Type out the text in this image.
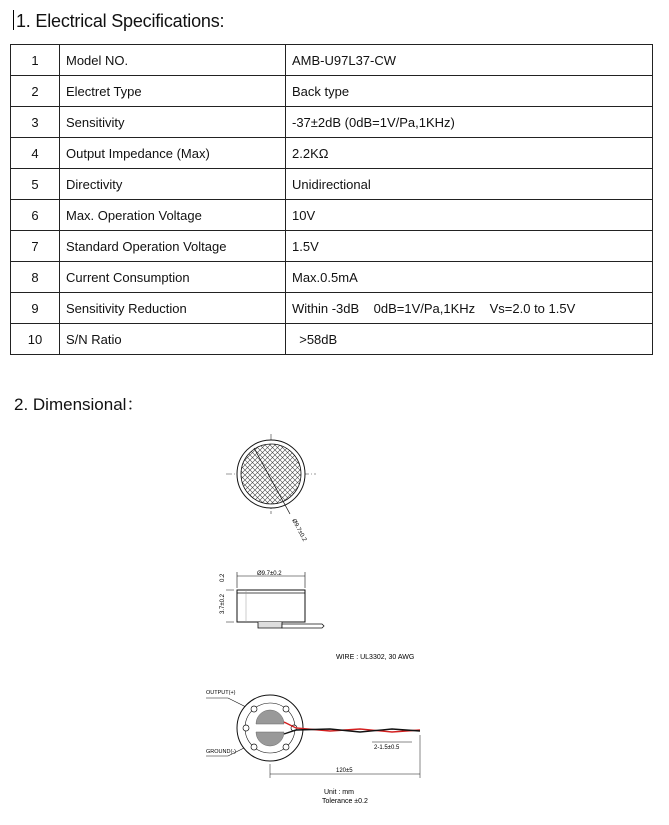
1. Electrical Specifications:
1	Model NO.	AMB-U97L37-CW
2	Electret Type	Back type
3	Sensitivity	-37±2dB (0dB=1V/Pa,1KHz)
4	Output Impedance (Max)	2.2KΩ
5	Directivity	Unidirectional
6	Max. Operation Voltage	10V
7	Standard Operation Voltage	1.5V
8	Current Consumption	Max.0.5mA
9	Sensitivity Reduction	Within -3dB    0dB=1V/Pa,1KHz    Vs=2.0 to 1.5V
10	S/N Ratio	>58dB
2. Dimensional：
Ø9.7±0.2
Ø9.7±0.2
0.2
3.7±0.2
WIRE : UL3302, 30 AWG
OUTPUT(+)
GROUND(-)
2-1.5±0.5
120±5
Unit : mm
Tolerance ±0.2
